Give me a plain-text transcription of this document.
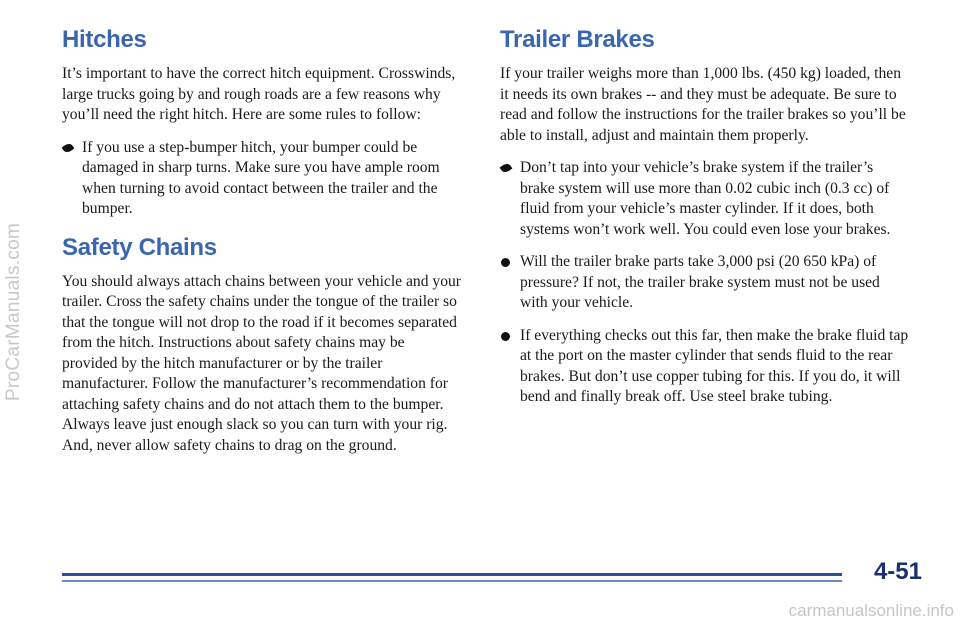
ProCarManuals.com
Hitches

It’s important to have the correct hitch equipment. Crosswinds, large trucks going by and rough roads are a few reasons why you’ll need the right hitch. Here are some rules to follow:

If you use a step-bumper hitch, your bumper could be damaged in sharp turns. Make sure you have ample room when turning to avoid contact between the trailer and the bumper.
Safety Chains

You should always attach chains between your vehicle and your trailer. Cross the safety chains under the tongue of the trailer so that the tongue will not drop to the road if it becomes separated from the hitch. Instructions about safety chains may be provided by the hitch manufacturer or by the trailer manufacturer. Follow the manufacturer’s recommendation for attaching safety chains and do not attach them to the bumper. Always leave just enough slack so you can turn with your rig. And, never allow safety chains to drag on the ground.

Trailer Brakes

If your trailer weighs more than 1,000 lbs. (450 kg) loaded, then it needs its own brakes -- and they must be adequate. Be sure to read and follow the instructions for the trailer brakes so you’ll be able to install, adjust and maintain them properly.

Don’t tap into your vehicle’s brake system if the trailer’s brake system will use more than 0.02 cubic inch (0.3 cc) of fluid from your vehicle’s master cylinder. If it does, both systems won’t work well. You could even lose your brakes.
Will the trailer brake parts take 3,000 psi (20 650 kPa) of pressure? If not, the trailer brake system must not be used with your vehicle.
If everything checks out this far, then make the brake fluid tap at the port on the master cylinder that sends fluid to the rear brakes. But don’t use copper tubing for this. If you do, it will bend and finally break off. Use steel brake tubing.
4-51
carmanualsonline.info
